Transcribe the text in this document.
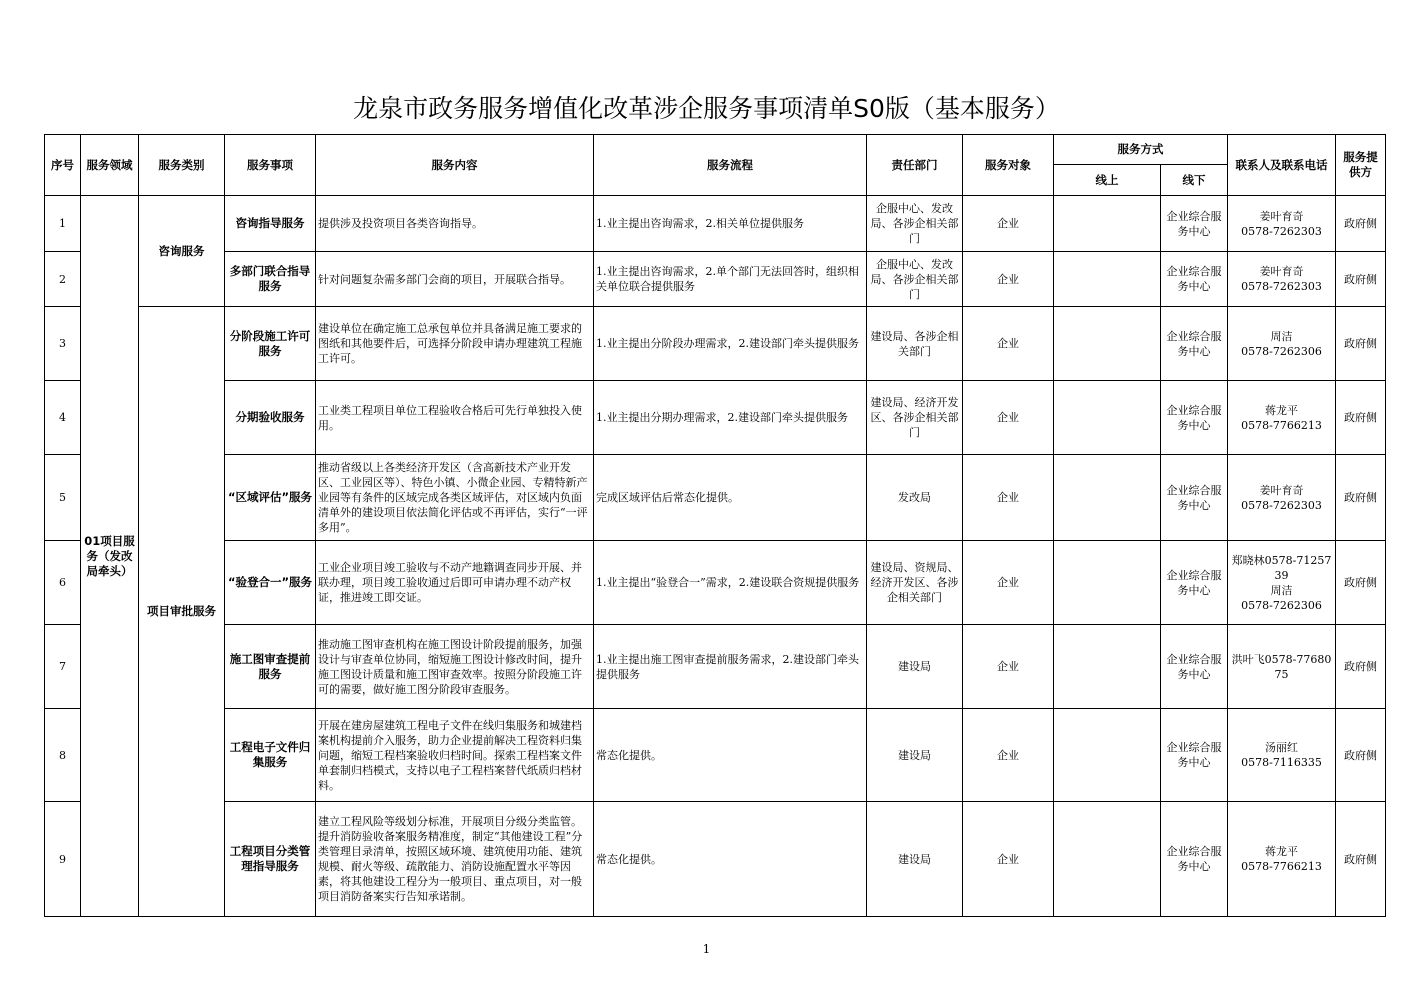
龙泉市政务服务增值化改革涉企服务事项清单S0版（基本服务）
序号	服务领域	服务类别	服务事项	服务内容	服务流程	责任部门	服务对象	服务方式		联系人及联系电话	服务提供方
								线上	线下		
1	01项目服务（发改局牵头）	咨询服务	咨询指导服务	提供涉及投资项目各类咨询指导。	1.业主提出咨询需求，2.相关单位提供服务	企服中心、发改局、各涉企相关部门	企业		企业综合服务中心	姜叶育奇
0578-7262303	政府侧
2			多部门联合指导服务	针对问题复杂需多部门会商的项目，开展联合指导。	1.业主提出咨询需求，2.单个部门无法回答时，组织相关单位联合提供服务	企服中心、发改局、各涉企相关部门	企业		企业综合服务中心	姜叶育奇
0578-7262303	政府侧
3		项目审批服务	分阶段施工许可服务	建设单位在确定施工总承包单位并具备满足施工要求的图纸和其他要件后，可选择分阶段申请办理建筑工程施工许可。	1.业主提出分阶段办理需求，2.建设部门牵头提供服务	建设局、各涉企相关部门	企业		企业综合服务中心	周洁
0578-7262306	政府侧
4			分期验收服务	工业类工程项目单位工程验收合格后可先行单独投入使用。	1.业主提出分期办理需求，2.建设部门牵头提供服务	建设局、经济开发区、各涉企相关部门	企业		企业综合服务中心	蒋龙平
0578-7766213	政府侧
5			“区域评估”服务	推动省级以上各类经济开发区（含高新技术产业开发区、工业园区等）、特色小镇、小微企业园、专精特新产业园等有条件的区域完成各类区域评估，对区域内负面清单外的建设项目依法简化评估或不再评估，实行“一评多用”。	完成区域评估后常态化提供。	发改局	企业		企业综合服务中心	姜叶育奇
0578-7262303	政府侧
6			“验登合一”服务	工业企业项目竣工验收与不动产地籍调查同步开展、并联办理，项目竣工验收通过后即可申请办理不动产权证，推进竣工即交证。	1.业主提出“验登合一”需求，2.建设联合资规提供服务	建设局、资规局、经济开发区、各涉企相关部门	企业		企业综合服务中心	郑晓林0578-7125739
周洁
0578-7262306	政府侧
7			施工图审查提前服务	推动施工图审查机构在施工图设计阶段提前服务，加强设计与审查单位协同，缩短施工图设计修改时间，提升施工图设计质量和施工图审查效率。按照分阶段施工许可的需要，做好施工图分阶段审查服务。	1.业主提出施工图审查提前服务需求，2.建设部门牵头提供服务	建设局	企业		企业综合服务中心	洪叶飞0578-7768075	政府侧
8			工程电子文件归集服务	开展在建房屋建筑工程电子文件在线归集服务和城建档案机构提前介入服务，助力企业提前解决工程资料归集问题，缩短工程档案验收归档时间。探索工程档案文件单套制归档模式，支持以电子工程档案替代纸质归档材料。	常态化提供。	建设局	企业		企业综合服务中心	汤丽红
0578-7116335	政府侧
9			工程项目分类管理指导服务	建立工程风险等级划分标准，开展项目分级分类监管。提升消防验收备案服务精准度，制定“其他建设工程”分类管理目录清单，按照区域环境、建筑使用功能、建筑规模、耐火等级、疏散能力、消防设施配置水平等因素，将其他建设工程分为一般项目、重点项目，对一般项目消防备案实行告知承诺制。	常态化提供。	建设局	企业		企业综合服务中心	蒋龙平
0578-7766213	政府侧
1
